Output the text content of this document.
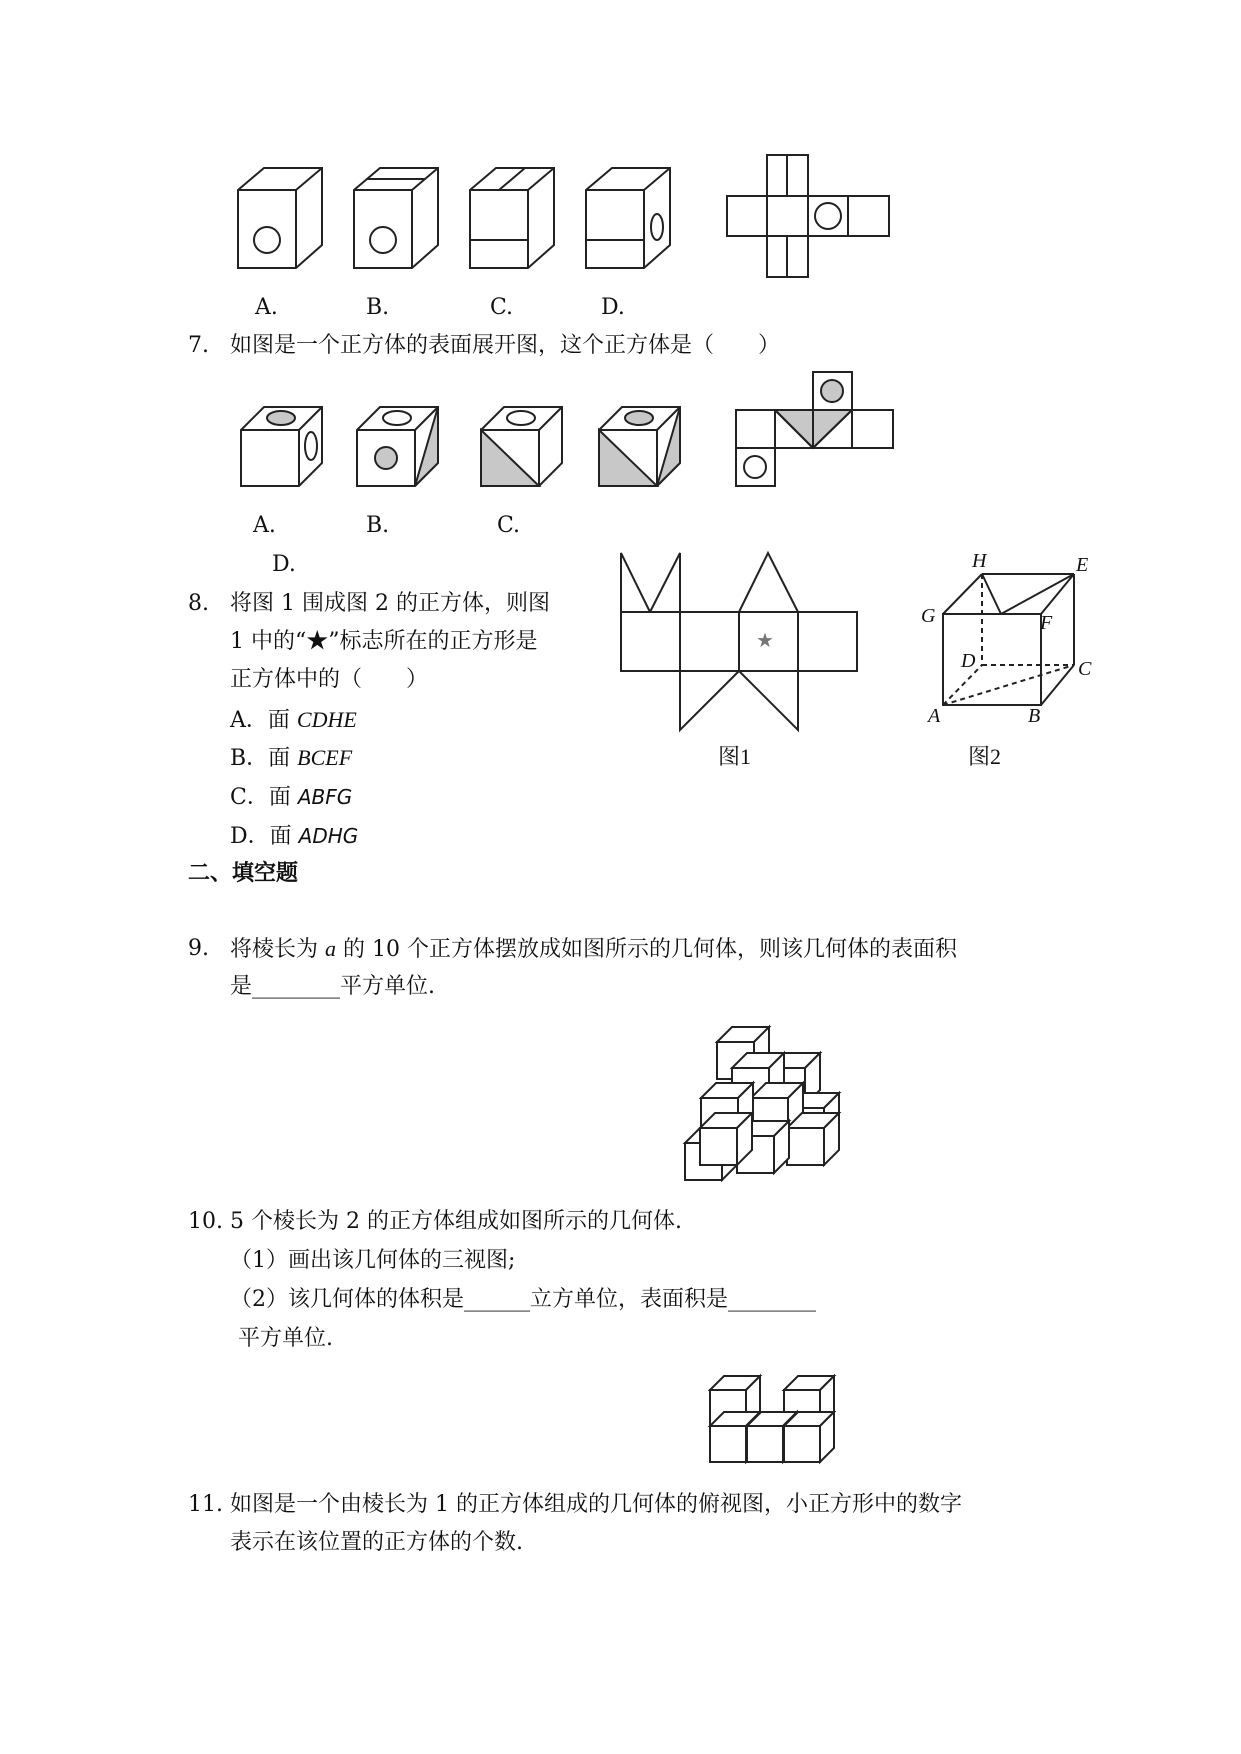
A.	B.	C.	D.
7. 如图是一个正方体的表面展开图，这个正方体是（　　）
A.	B.	C.
D.
8. 将图 1 围成图 2 的正方体，则图
1 中的“★”标志所在的正方形是
正方体中的（　　）
A．面 CDHE
B．面 BCEF
C．面 ABFG
D．面 ADHG
★
图1
H	E
G	F
D	C
A	B
图2
二、填空题
9. 将棱长为 a 的 10 个正方体摆放成如图所示的几何体，则该几何体的表面积
是________平方单位.
10. 5 个棱长为 2 的正方体组成如图所示的几何体.
（1）画出该几何体的三视图;
（2）该几何体的体积是______立方单位，表面积是________
平方单位.
11. 如图是一个由棱长为 1 的正方体组成的几何体的俯视图，小正方形中的数字
表示在该位置的正方体的个数.
